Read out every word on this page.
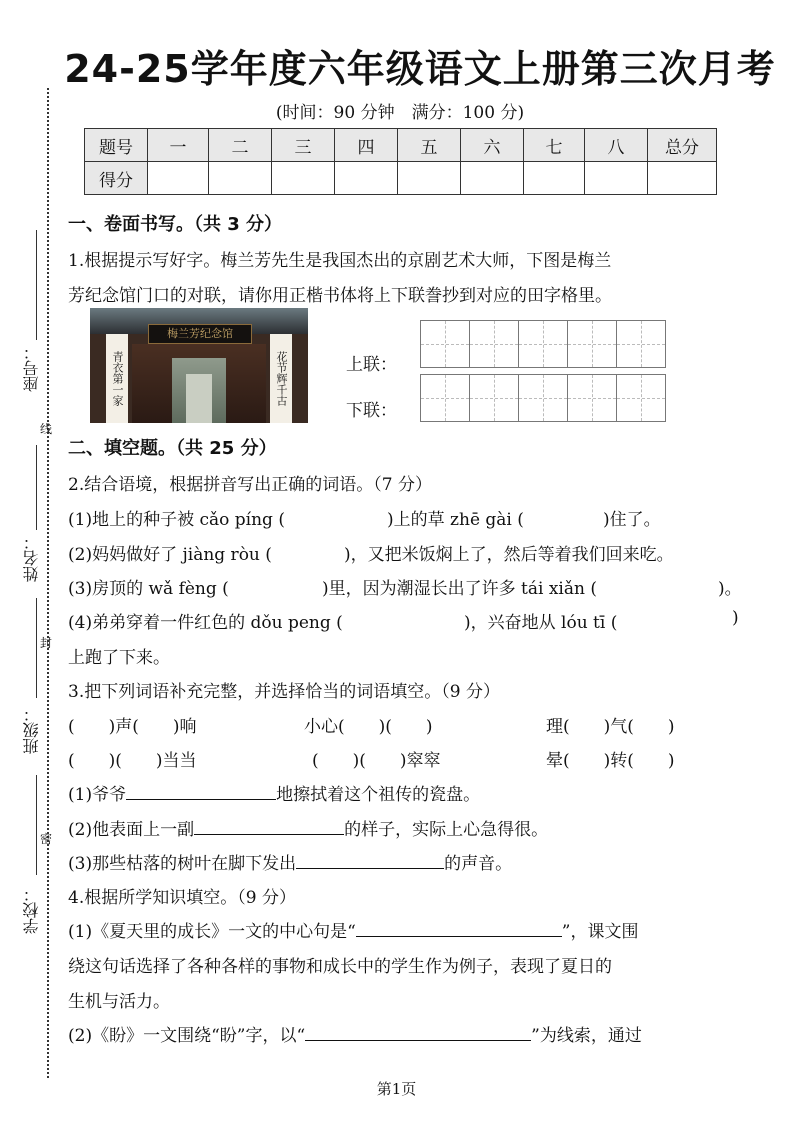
24-25学年度六年级语文上册第三次月考
(时间：90 分钟　满分：100 分)
题号	一	二	三	四	五	六	七	八	总分
得分									
座号：
线
姓名：
封
班级：
密
学校：
一、卷面书写。（共 3 分）
1.根据提示写好字。梅兰芳先生是我国杰出的京剧艺术大师，下图是梅兰
芳纪念馆门口的对联，请你用正楷书体将上下联誊抄到对应的田字格里。
梅兰芳纪念馆
青衣第一家	花节辉千古	上联：
下联：
二、填空题。（共 25 分）
2.结合语境，根据拼音写出正确的词语。（7 分）
(1)地上的种子被 cǎo píng (	)上的草 zhē gài (	)住了。
(2)妈妈做好了 jiàng ròu (	)，又把米饭焖上了，然后等着我们回来吃。
(3)房顶的 wǎ fèng (	)里，因为潮湿长出了许多 tái xiǎn (	)。
(4)弟弟穿着一件红色的 dǒu peng (	)，兴奋地从 lóu tī (	)
上跑了下来。
3.把下列词语补充完整，并选择恰当的词语填空。（9 分）
(　　)声(　　)响	小心(　　)(　　)	理(　　)气(　　)
(　　)(　　)当当	(　　)(　　)窣窣	晕(　　)转(　　)
(1)爷爷	地擦拭着这个祖传的瓷盘。
(2)他表面上一副	的样子，实际上心急得很。
(3)那些枯落的树叶在脚下发出	的声音。
4.根据所学知识填空。（9 分）
(1)《夏天里的成长》一文的中心句是“	”，课文围
绕这句话选择了各种各样的事物和成长中的学生作为例子，表现了夏日的
生机与活力。
(2)《盼》一文围绕“盼”字，以“	”为线索，通过
第1页
